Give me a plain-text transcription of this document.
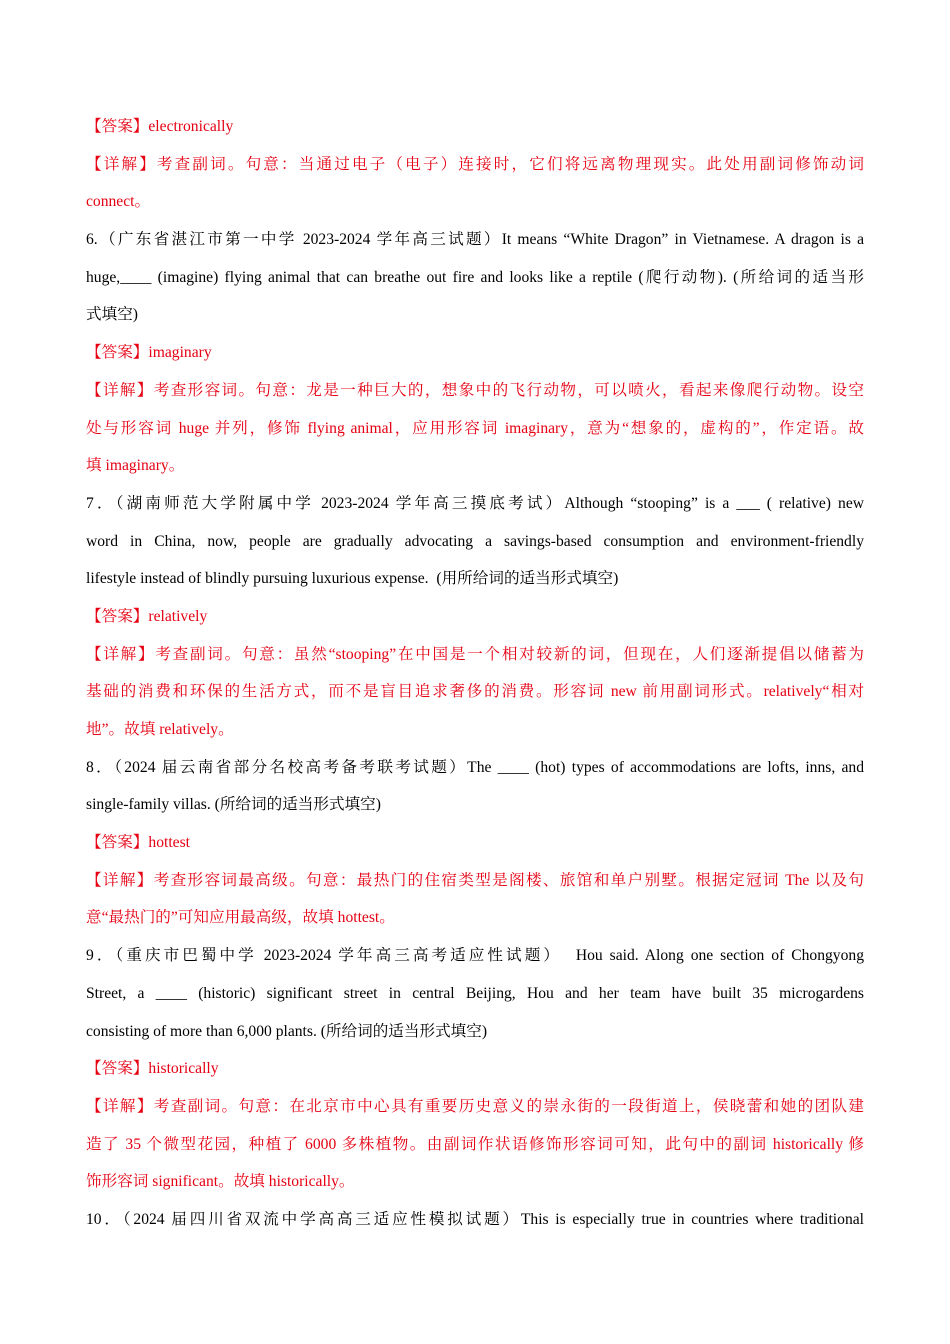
【答案】electronically
【详解】考查副词。句意：当通过电子（电子）连接时，它们将远离物理现实。此处用副词修饰动词
connect。
6.（广东省湛江市第一中学 2023-2024 学年高三试题）It means “White Dragon” in Vietnamese. A dragon is a
huge,____ (imagine) flying animal that can breathe out fire and looks like a reptile (爬行动物). (所给词的适当形
式填空)
【答案】imaginary
【详解】考查形容词。句意：龙是一种巨大的，想象中的飞行动物，可以喷火，看起来像爬行动物。设空
处与形容词 huge 并列，修饰 flying animal，应用形容词 imaginary，意为“想象的，虚构的”，作定语。故
填 imaginary。
7．（湖南师范大学附属中学 2023-2024 学年高三摸底考试）Although “stooping” is a ___ ( relative) new
word in China, now, people are gradually advocating a savings-based consumption and environment-friendly
lifestyle instead of blindly pursuing luxurious expense.  (用所给词的适当形式填空)
【答案】relatively
【详解】考查副词。句意：虽然“stooping”在中国是一个相对较新的词，但现在，人们逐渐提倡以储蓄为
基础的消费和环保的生活方式，而不是盲目追求奢侈的消费。形容词 new 前用副词形式。relatively“相对
地”。故填 relatively。
8．（2024 届云南省部分名校高考备考联考试题）The ____ (hot) types of accommodations are lofts, inns, and
single-family villas. (所给词的适当形式填空)
【答案】hottest
【详解】考查形容词最高级。句意：最热门的住宿类型是阁楼、旅馆和单户别墅。根据定冠词 The 以及句
意“最热门的”可知应用最高级，故填 hottest。
9．（重庆市巴蜀中学 2023-2024 学年高三高考适应性试题）  Hou said. Along one section of Chongyong
Street, a ____ (historic) significant street in central Beijing, Hou and her team have built 35 microgardens
consisting of more than 6,000 plants. (所给词的适当形式填空)
【答案】historically
【详解】考查副词。句意：在北京市中心具有重要历史意义的崇永街的一段街道上，侯晓蕾和她的团队建
造了 35 个微型花园，种植了 6000 多株植物。由副词作状语修饰形容词可知，此句中的副词 historically 修
饰形容词 significant。故填 historically。
10．（2024 届四川省双流中学高高三适应性模拟试题）This is especially true in countries where traditional
